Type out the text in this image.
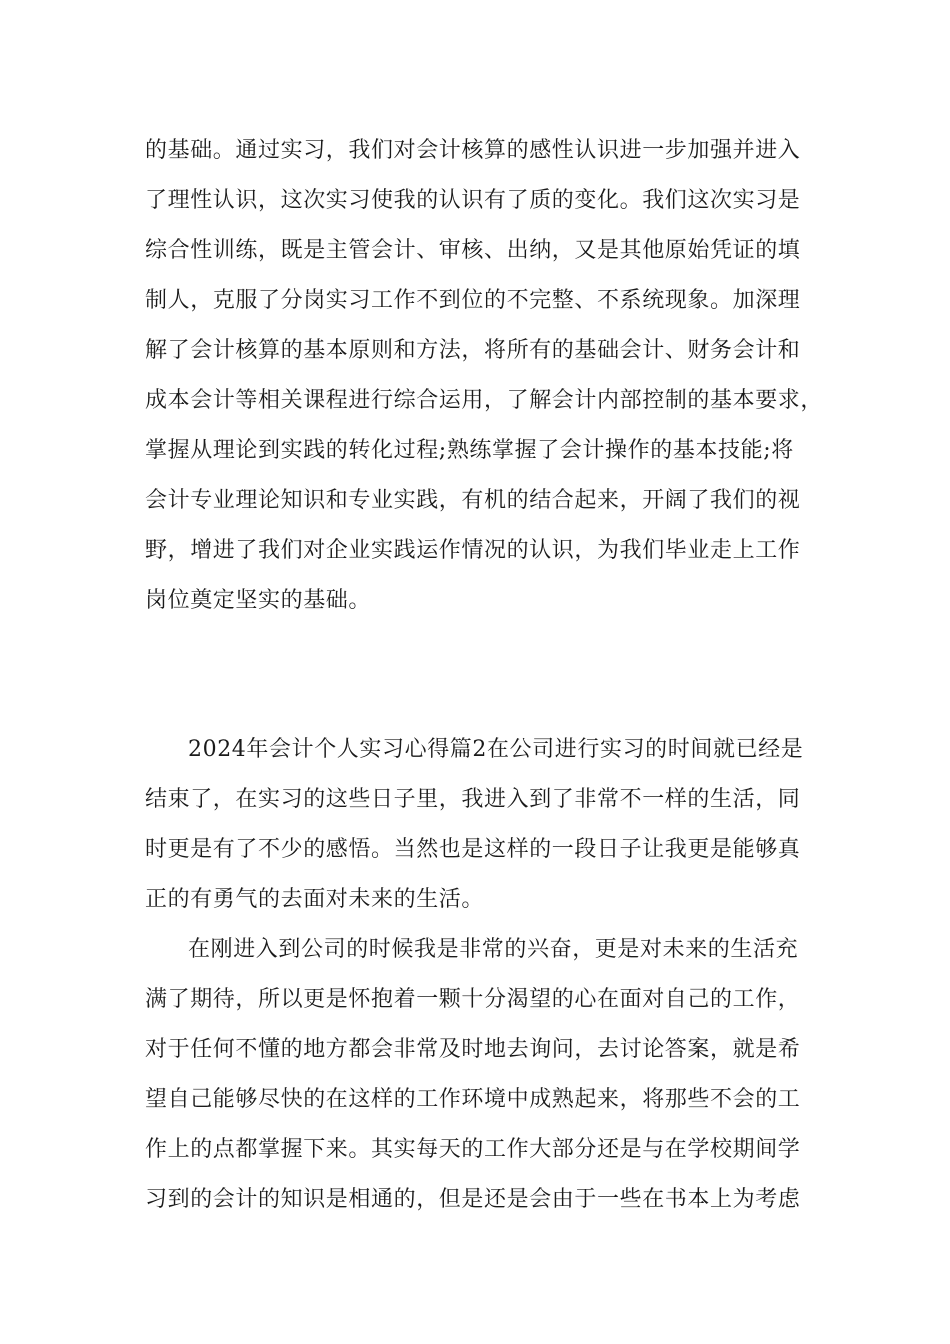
的基础。通过实习，我们对会计核算的感性认识进一步加强并进入
了理性认识，这次实习使我的认识有了质的变化。我们这次实习是
综合性训练，既是主管会计、审核、出纳，又是其他原始凭证的填
制人，克服了分岗实习工作不到位的不完整、不系统现象。加深理
解了会计核算的基本原则和方法，将所有的基础会计、财务会计和
成本会计等相关课程进行综合运用，了解会计内部控制的基本要求，
掌握从理论到实践的转化过程;熟练掌握了会计操作的基本技能;将
会计专业理论知识和专业实践，有机的结合起来，开阔了我们的视
野，增进了我们对企业实践运作情况的认识，为我们毕业走上工作
岗位奠定坚实的基础。
2024年会计个人实习心得篇2在公司进行实习的时间就已经是
结束了，在实习的这些日子里，我进入到了非常不一样的生活，同
时更是有了不少的感悟。当然也是这样的一段日子让我更是能够真
正的有勇气的去面对未来的生活。
在刚进入到公司的时候我是非常的兴奋，更是对未来的生活充
满了期待，所以更是怀抱着一颗十分渴望的心在面对自己的工作，
对于任何不懂的地方都会非常及时地去询问，去讨论答案，就是希
望自己能够尽快的在这样的工作环境中成熟起来，将那些不会的工
作上的点都掌握下来。其实每天的工作大部分还是与在学校期间学
习到的会计的知识是相通的，但是还是会由于一些在书本上为考虑
